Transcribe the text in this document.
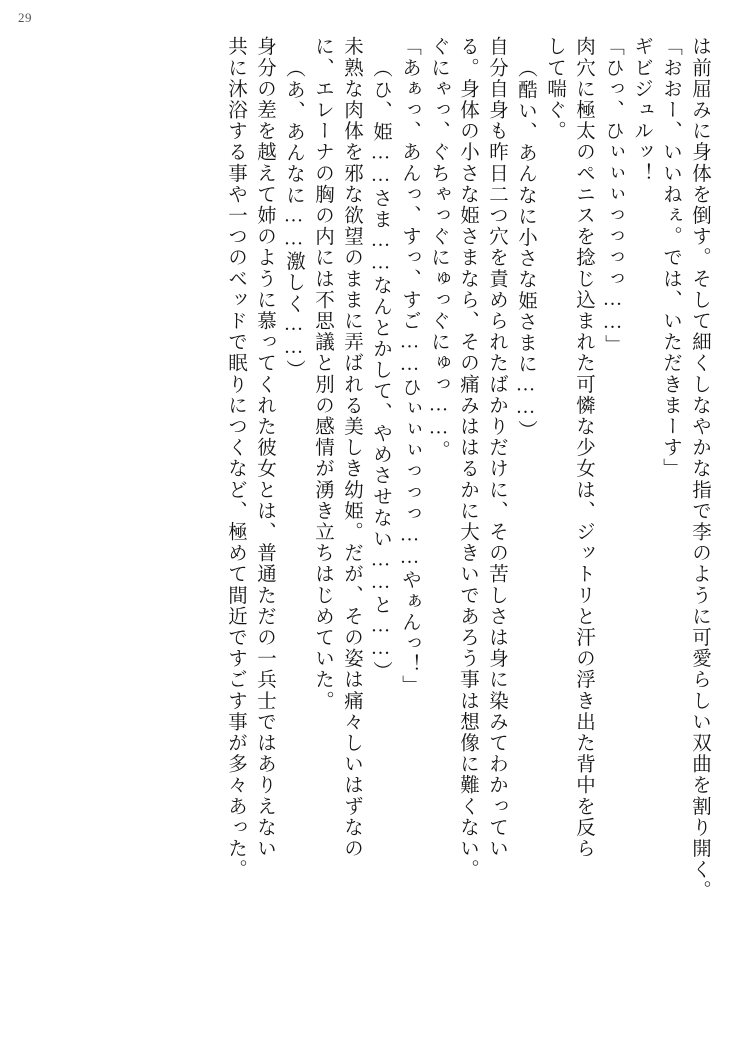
29
は前屈みに身体を倒す。そして細くしなやかな指で李のように可愛らしい双曲を割り開く。
「おおー、いいねぇ。では、いただきまーす」
ギビジュルッ！
「ひっ、ひぃぃぃっっっっ……」
肉穴に極太のペニスを捻じ込まれた可憐な少女は、ジットリと汗の浮き出た背中を反ら
して喘ぐ。
（酷い、あんなに小さな姫さまに……）
自分自身も昨日二つ穴を責められたばかりだけに、その苦しさは身に染みてわかってい
る。身体の小さな姫さまなら、その痛みははるかに大きいであろう事は想像に難くない。
ぐにゃっ、ぐちゃっぐにゅっぐにゅっ……。
「あぁっ、あんっ、すっ、すご……ひぃぃぃっっっ……やぁんっ！」
（ひ、姫……さま……なんとかして、やめさせない……と……）
未熟な肉体を邪な欲望のままに弄ばれる美しき幼姫。だが、その姿は痛々しいはずなの
に、エレーナの胸の内には不思議と別の感情が湧き立ちはじめていた。
（あ、あんなに……激しく……）
身分の差を越えて姉のように慕ってくれた彼女とは、普通ただの一兵士ではありえない
共に沐浴する事や一つのベッドで眠りにつくなど、極めて間近ですごす事が多々あった。
